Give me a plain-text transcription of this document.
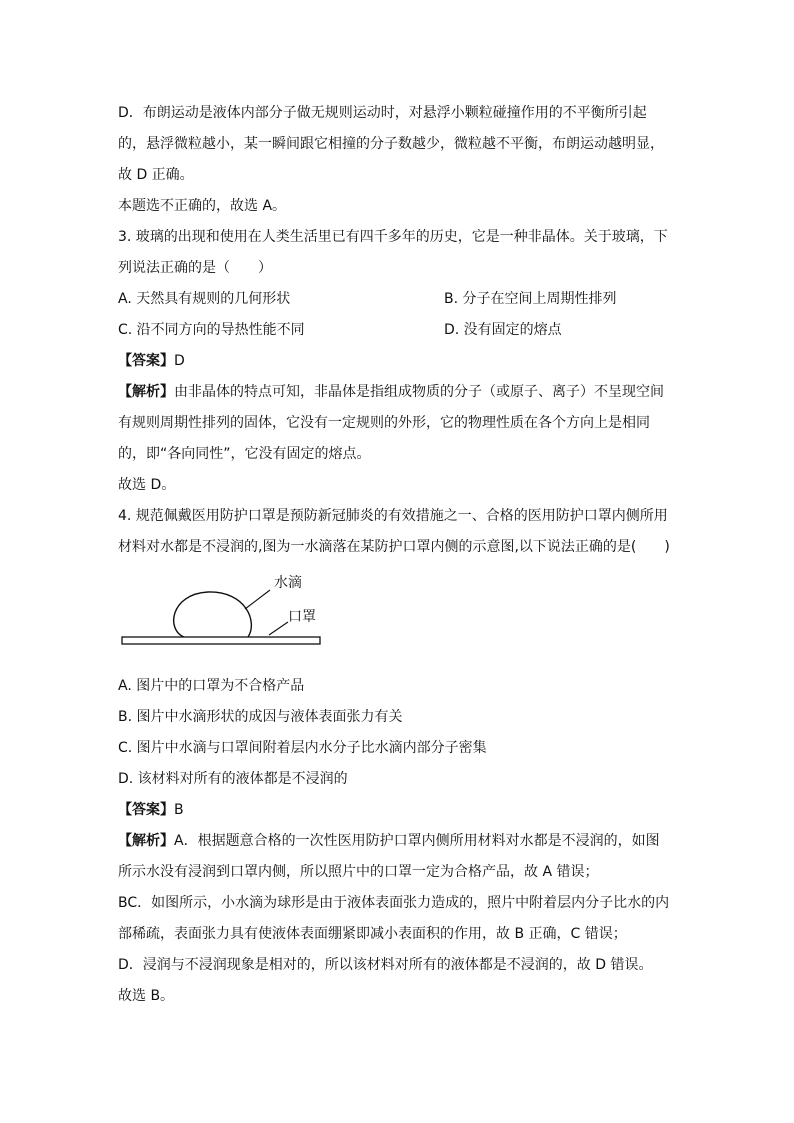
D．布朗运动是液体内部分子做无规则运动时，对悬浮小颗粒碰撞作用的不平衡所引起
的，悬浮微粒越小，某一瞬间跟它相撞的分子数越少，微粒越不平衡，布朗运动越明显，
故 D 正确。
本题选不正确的，故选 A。
3. 玻璃的出现和使用在人类生活里已有四千多年的历史，它是一种非晶体。关于玻璃，下
列说法正确的是（　　）
A. 天然具有规则的几何形状	B. 分子在空间上周期性排列
C. 沿不同方向的导热性能不同	D. 没有固定的熔点
【答案】D
【解析】由非晶体的特点可知，非晶体是指组成物质的分子（或原子、离子）不呈现空间
有规则周期性排列的固体，它没有一定规则的外形，它的物理性质在各个方向上是相同
的，即“各向同性”，它没有固定的熔点。
故选 D。
4. 规范佩戴医用防护口罩是预防新冠肺炎的有效措施之一、合格的医用防护口罩内侧所用
材料对水都是不浸润的,图为一水滴落在某防护口罩内侧的示意图,以下说法正确的是(　　)
水滴
口罩
A. 图片中的口罩为不合格产品
B. 图片中水滴形状的成因与液体表面张力有关
C. 图片中水滴与口罩间附着层内水分子比水滴内部分子密集
D. 该材料对所有的液体都是不浸润的
【答案】B
【解析】A．根据题意合格的一次性医用防护口罩内侧所用材料对水都是不浸润的，如图
所示水没有浸润到口罩内侧，所以照片中的口罩一定为合格产品，故 A 错误；
BC．如图所示，小水滴为球形是由于液体表面张力造成的，照片中附着层内分子比水的内
部稀疏，表面张力具有使液体表面绷紧即减小表面积的作用，故 B 正确，C 错误；
D．浸润与不浸润现象是相对的，所以该材料对所有的液体都是不浸润的，故 D 错误。
故选 B。
